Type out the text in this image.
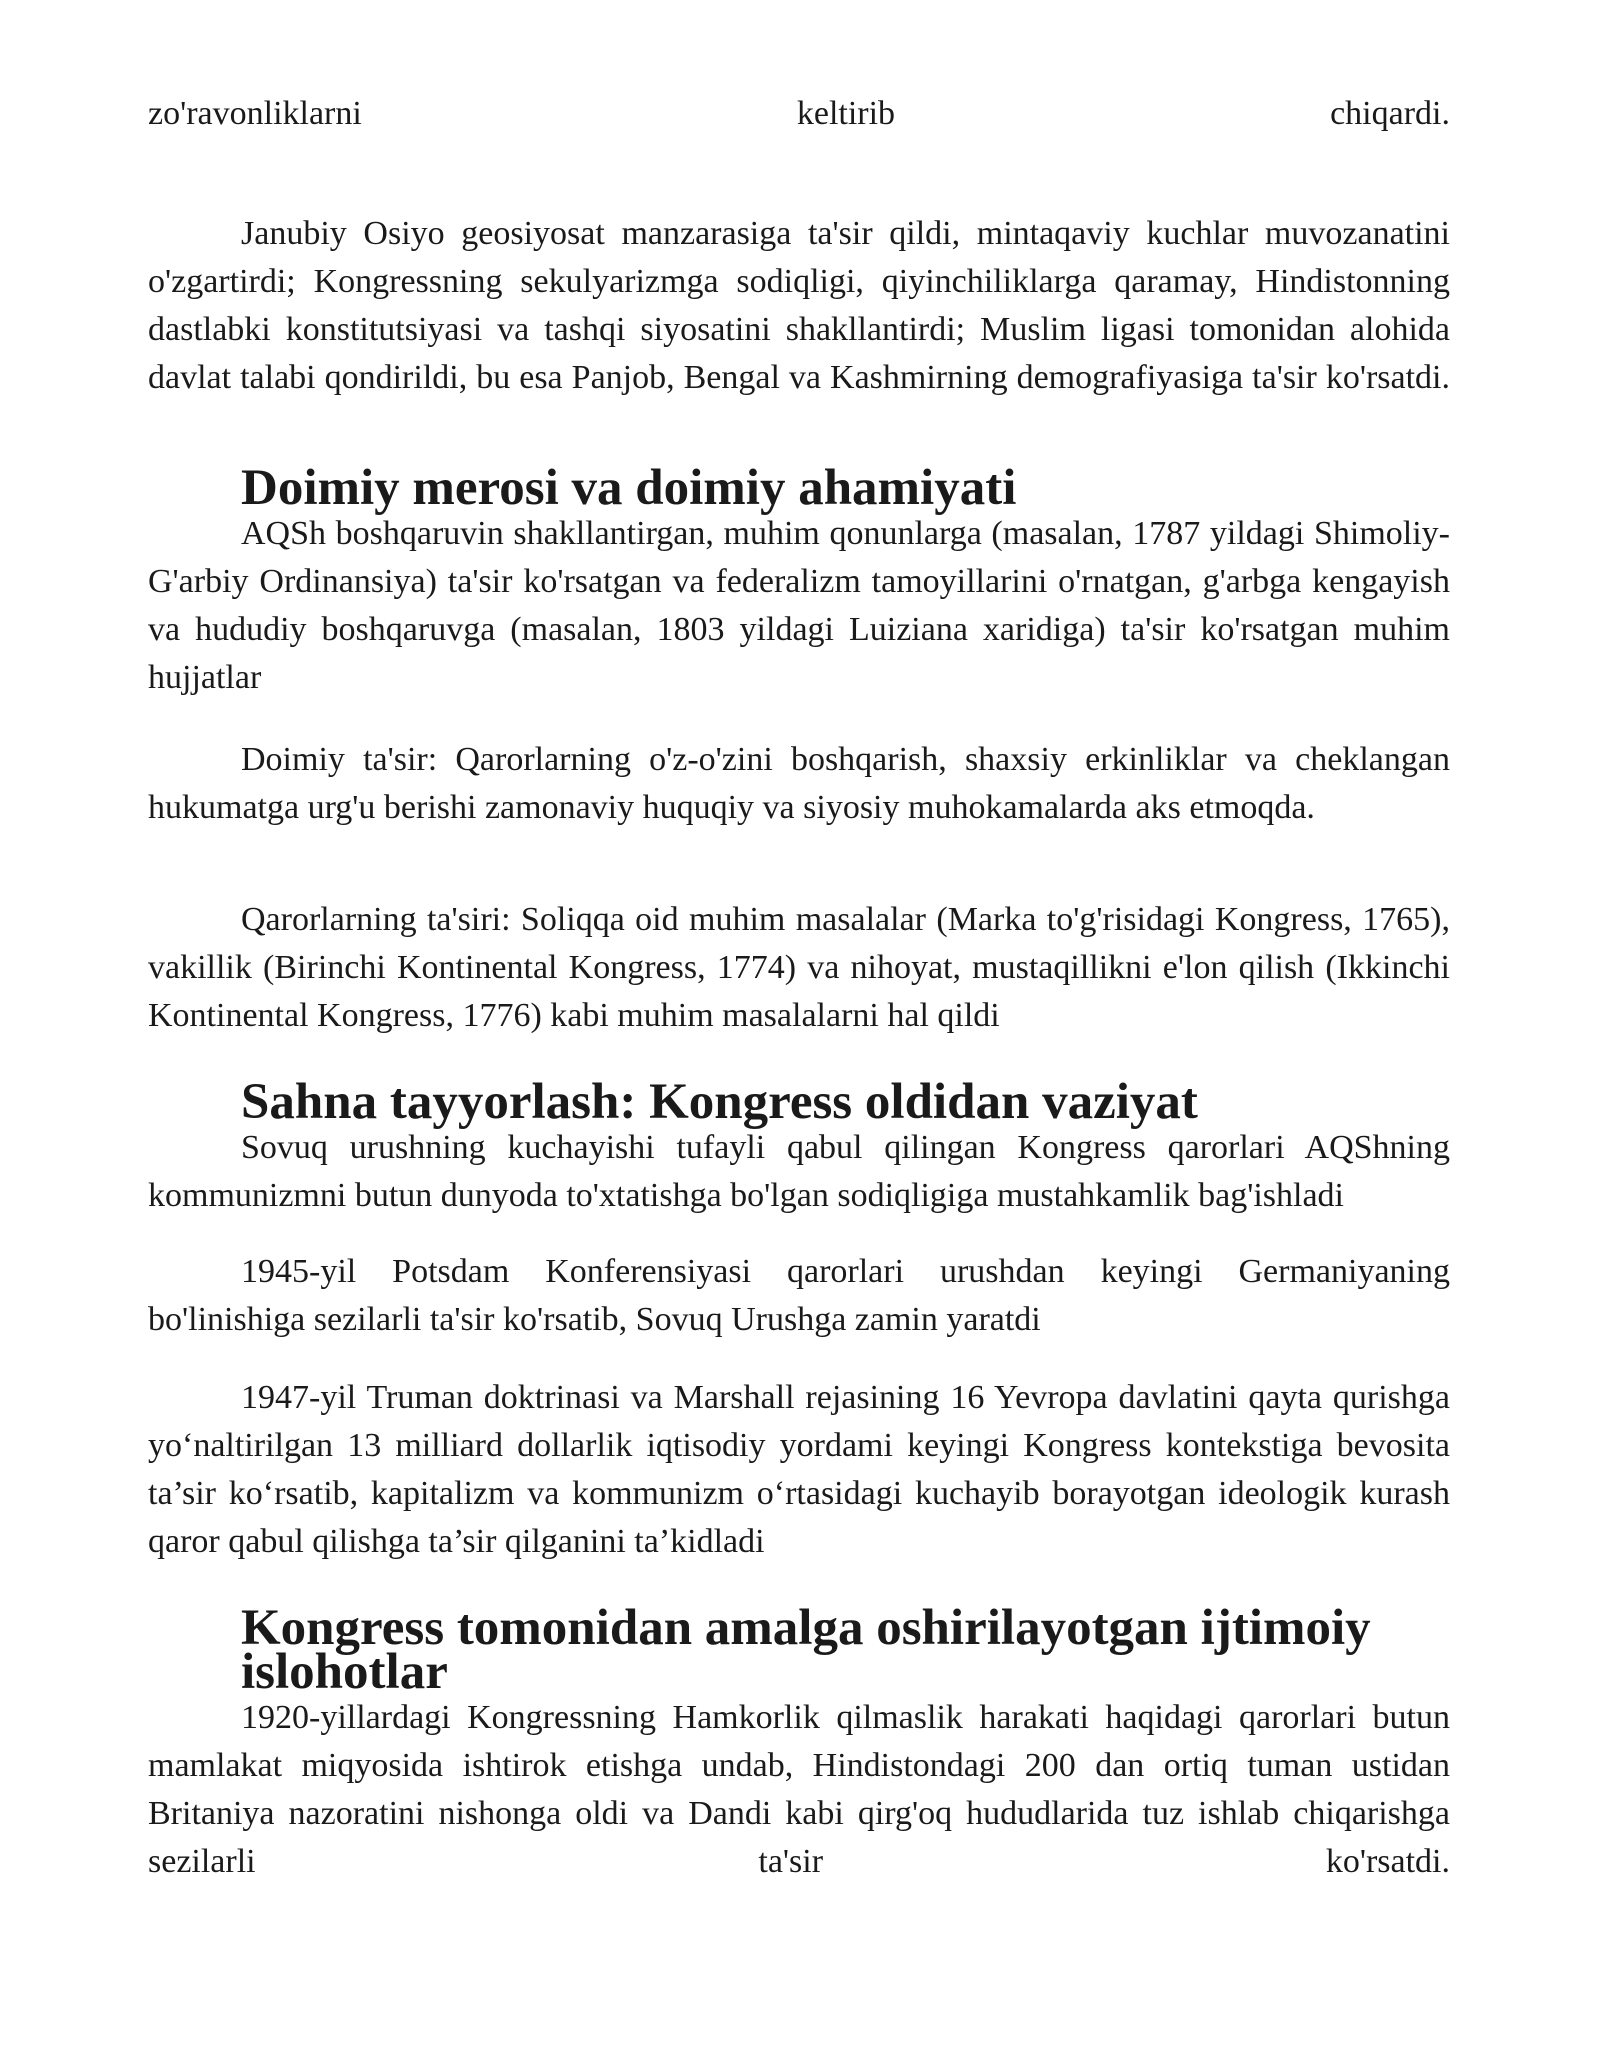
zo'ravonliklarni keltirib chiqardi.

Janubiy Osiyo geosiyosat manzarasiga ta'sir qildi, mintaqaviy kuchlar muvozanatini o'zgartirdi; Kongressning sekulyarizmga sodiqligi, qiyinchiliklarga qaramay, Hindistonning dastlabki konstitutsiyasi va tashqi siyosatini shakllantirdi; Muslim ligasi tomonidan alohida davlat talabi qondirildi, bu esa Panjob, Bengal va Kashmirning demografiyasiga ta'sir ko'rsatdi.

Doimiy merosi va doimiy ahamiyati

AQSh boshqaruvin shakllantirgan, muhim qonunlarga (masalan, 1787 yildagi Shimoliy-G'arbiy Ordinansiya) ta'sir ko'rsatgan va federalizm tamoyillarini o'rnatgan, g'arbga kengayish va hududiy boshqaruvga (masalan, 1803 yildagi Luiziana xaridiga) ta'sir ko'rsatgan muhim hujjatlar

Doimiy ta'sir: Qarorlarning o'z-o'zini boshqarish, shaxsiy erkinliklar va cheklangan hukumatga urg'u berishi zamonaviy huquqiy va siyosiy muhokamalarda aks etmoqda.

Qarorlarning ta'siri: Soliqqa oid muhim masalalar (Marka to'g'risidagi Kongress, 1765), vakillik (Birinchi Kontinental Kongress, 1774) va nihoyat, mustaqillikni e'lon qilish (Ikkinchi Kontinental Kongress, 1776) kabi muhim masalalarni hal qildi

Sahna tayyorlash: Kongress oldidan vaziyat

Sovuq urushning kuchayishi tufayli qabul qilingan Kongress qarorlari AQShning kommunizmni butun dunyoda to'xtatishga bo'lgan sodiqligiga mustahkamlik bag'ishladi

1945-yil Potsdam Konferensiyasi qarorlari urushdan keyingi Germaniyaning bo'linishiga sezilarli ta'sir ko'rsatib, Sovuq Urushga zamin yaratdi

1947-yil Truman doktrinasi va Marshall rejasining 16 Yevropa davlatini qayta qurishga yo‘naltirilgan 13 milliard dollarlik iqtisodiy yordami keyingi Kongress kontekstiga bevosita ta’sir ko‘rsatib, kapitalizm va kommunizm o‘rtasidagi kuchayib borayotgan ideologik kurash qaror qabul qilishga ta’sir qilganini ta’kidladi

Kongress tomonidan amalga oshirilayotgan ijtimoiy islohotlar

1920-yillardagi Kongressning Hamkorlik qilmaslik harakati haqidagi qarorlari butun mamlakat miqyosida ishtirok etishga undab, Hindistondagi 200 dan ortiq tuman ustidan Britaniya nazoratini nishonga oldi va Dandi kabi qirg'oq hududlarida tuz ishlab chiqarishga sezilarli ta'sir ko'rsatdi.
